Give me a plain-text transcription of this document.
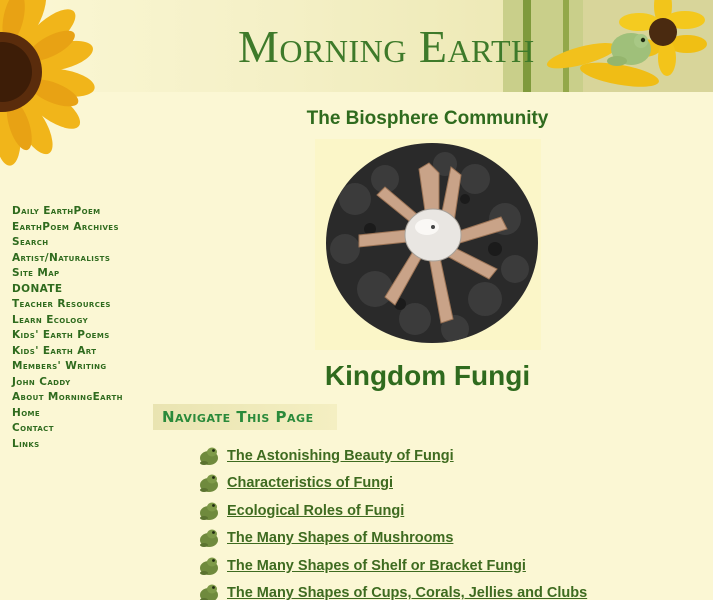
Morning Earth
Daily EarthPoem
EarthPoem Archives
Search
Artist/Naturalists
Site Map
DONATE
Teacher Resources
Learn Ecology
Kids' Earth Poems
Kids' Earth Art
Members' Writing
John Caddy
About MorningEarth
Home
Contact
Links
The Biosphere Community
Kingdom Fungi
Navigate This Page
The Astonishing Beauty of Fungi
Characteristics of Fungi
Ecological Roles of Fungi
The Many Shapes of Mushrooms
The Many Shapes of Shelf or Bracket Fungi
The Many Shapes of Cups, Corals, Jellies and Clubs
